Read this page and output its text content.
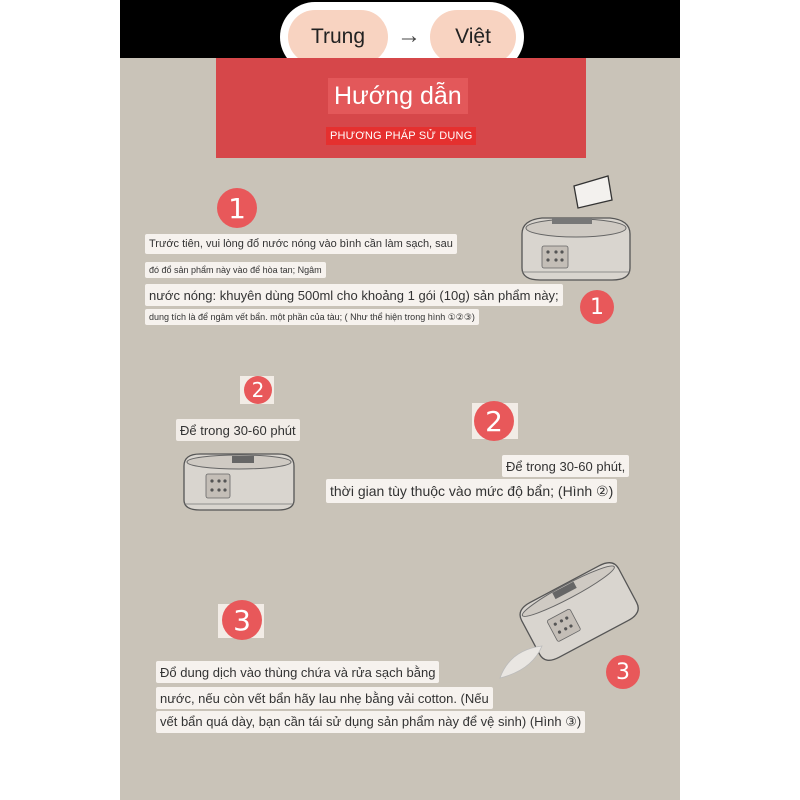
Trung	→	Việt
Hướng dẫn
PHƯƠNG PHÁP SỬ DỤNG
1
Trước tiên, vui lòng đổ nước nóng vào bình cần làm sạch, sau
đó đổ sản phẩm này vào để hòa tan; Ngâm
nước nóng: khuyên dùng 500ml cho khoảng 1 gói (10g) sản phẩm này;
dung tích là để ngâm vết bẩn. một phần của tàu; ( Như thể hiện trong hình ①②③)	1
2
Để trong 30-60 phút	2
Để trong 30-60 phút,
thời gian tùy thuộc vào mức độ bẩn; (Hình ②)
3
3
Đổ dung dịch vào thùng chứa và rửa sạch bằng
nước, nếu còn vết bẩn hãy lau nhẹ bằng vải cotton. (Nếu
vết bẩn quá dày, bạn cần tái sử dụng sản phẩm này để vệ sinh) (Hình ③)
